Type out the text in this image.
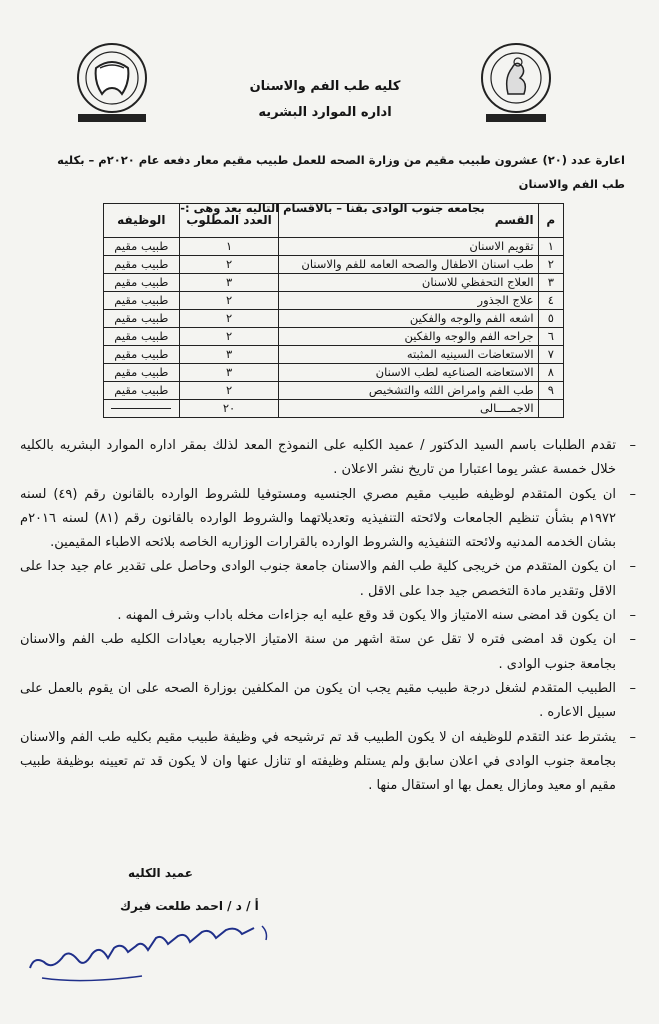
كليه طب الفم والاسنان
اداره الموارد البشريه
اعارة عدد (٢٠) عشرون طبيب مقيم من وزارة الصحه للعمل طبيب مقيم معار دفعه عام ٢٠٢٠م – بكليه طب الفم والاسنان
بجامعه جنوب الوادى بقنا – بالاقسام التاليه بعد وهى :-
م	القسم	العدد المطلوب	الوظيفه
١	تقويم الاسنان	١	طبيب مقيم
٢	طب اسنان الاطفال والصحه العامه للفم والاسنان	٢	طبيب مقيم
٣	العلاج التحفظي للاسنان	٣	طبيب مقيم
٤	علاج الجذور	٢	طبيب مقيم
٥	اشعه الفم والوجه والفكين	٢	طبيب مقيم
٦	جراحه الفم والوجه والفكين	٢	طبيب مقيم
٧	الاستعاضات السينيه المثبته	٣	طبيب مقيم
٨	الاستعاضه الصناعيه لطب الاسنان	٣	طبيب مقيم
٩	طب الفم وامراض اللثه والتشخيص	٢	طبيب مقيم
	الاجمــــالى	٢٠	
–
تقدم الطلبات باسم السيد الدكتور / عميد الكليه على النموذج المعد لذلك بمقر اداره الموارد البشريه بالكليه خلال خمسة عشر يوما اعتبارا من تاريخ نشر الاعلان .
–
ان يكون المتقدم لوظيفه طبيب مقيم مصري الجنسيه ومستوفيا للشروط الوارده بالقانون رقم (٤٩) لسنه ١٩٧٢م بشأن تنظيم الجامعات ولائحته التنفيذيه وتعديلاتهما والشروط الوارده بالقانون رقم (٨١) لسنه ٢٠١٦م بشان الخدمه المدنيه ولائحته التنفيذيه والشروط الوارده بالقرارات الوزاريه الخاصه بلائحه الاطباء المقيمين.
–
ان يكون المتقدم من خريجى كلية طب الفم والاسنان جامعة جنوب الوادى وحاصل على تقدير عام جيد جدا على الاقل وتقدير مادة التخصص جيد جدا على الاقل .
–
ان يكون قد امضى سنه الامتياز والا يكون قد وقع عليه ايه جزاءات مخله باداب وشرف المهنه .
–
ان يكون قد امضى فتره لا تقل عن ستة اشهر من سنة الامتياز الاجباريه بعيادات الكليه طب الفم والاسنان بجامعة جنوب الوادى .
–
الطبيب المتقدم لشغل درجة طبيب مقيم يجب ان يكون من المكلفين بوزارة الصحه على ان يقوم بالعمل على سبيل الاعاره .
–
يشترط عند التقدم للوظيفه ان لا يكون الطبيب قد تم ترشيحه في وظيفة طبيب مقيم بكليه طب الفم والاسنان بجامعة جنوب الوادى في اعلان سابق ولم يستلم وظيفته او تنازل عنها وان لا يكون قد تم تعيينه بوظيفة طبيب مقيم او معيد ومازال يعمل بها او استقال منها .
عميد الكليه
أ / د / احمد طلعت فيرك
